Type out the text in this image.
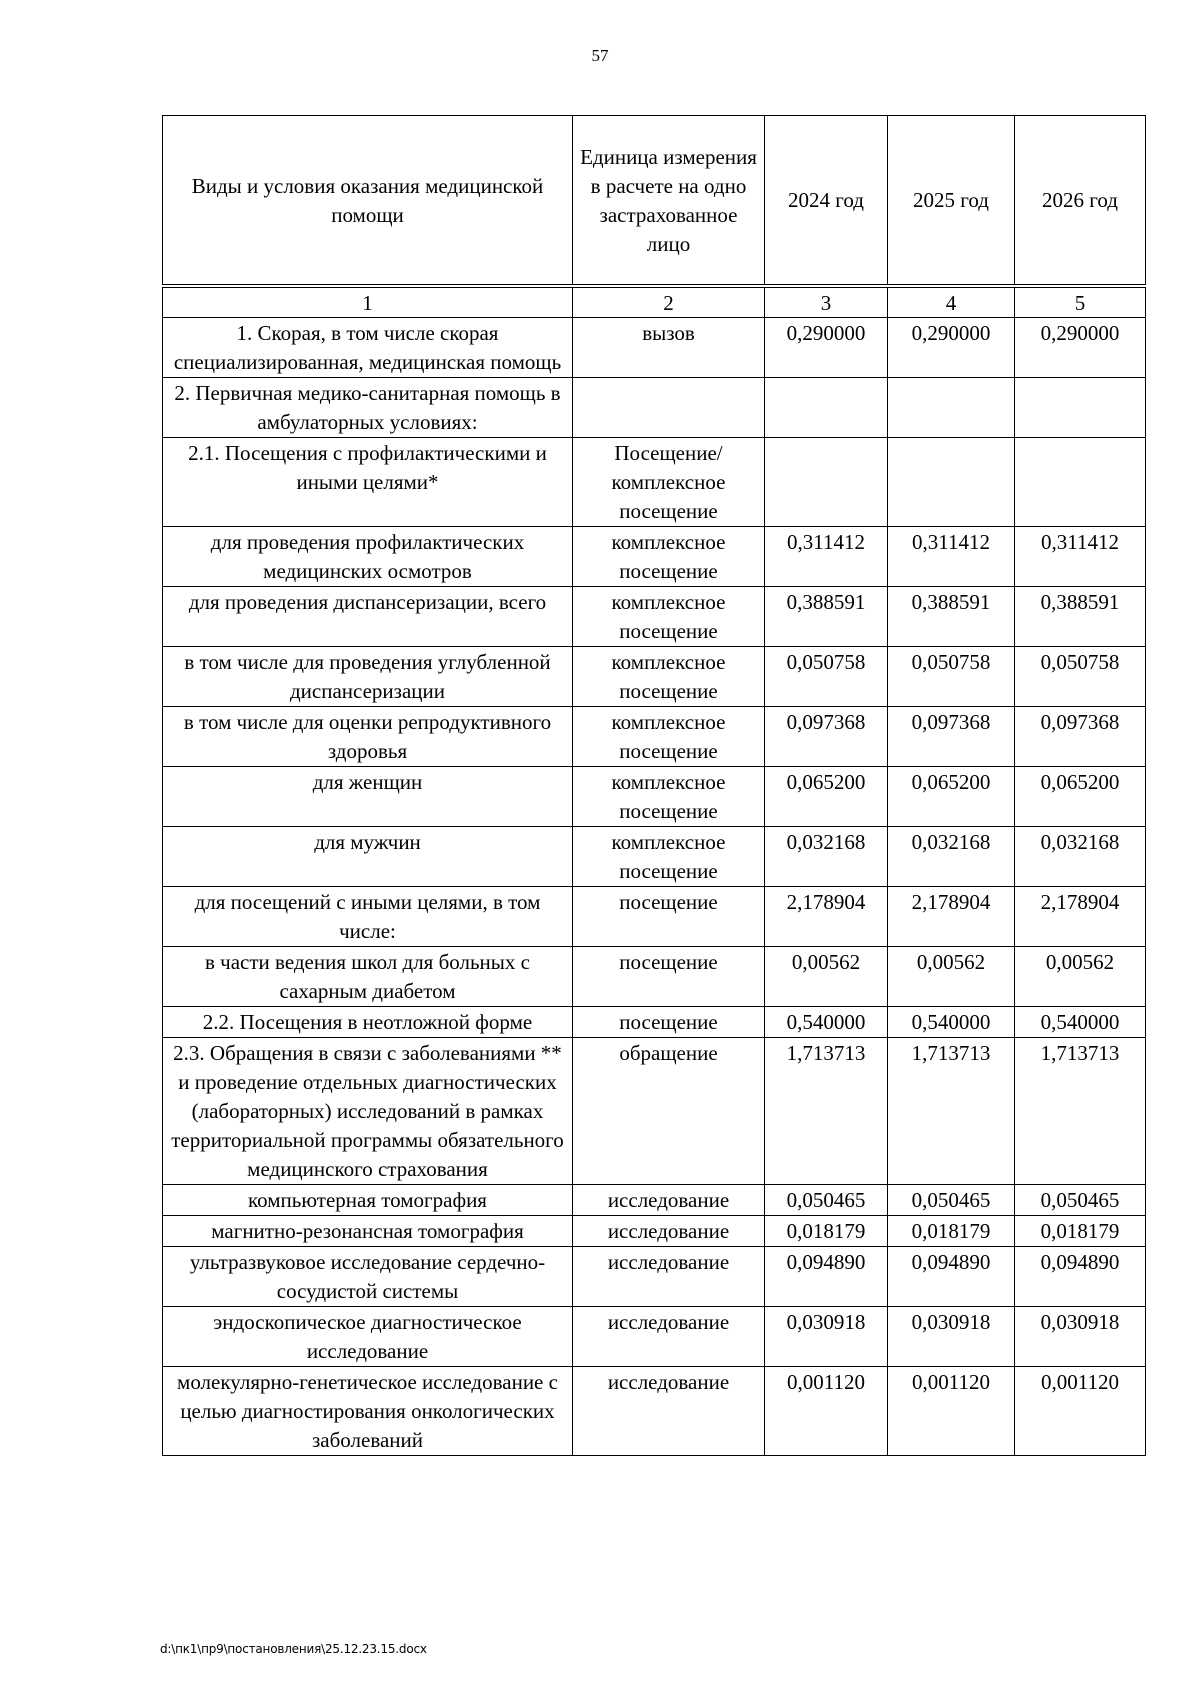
57
Виды и условия оказания медицинской помощи	Единица измерения в расчете на одно застрахованное лицо	2024 год	2025 год	2026 год
1	2	3	4	5
1. Скорая, в том числе скорая специализированная, медицинская помощь	вызов	0,290000	0,290000	0,290000
2. Первичная медико-санитарная помощь в амбулаторных условиях:				
2.1. Посещения с профилактическими и иными целями*	Посещение/ комплексное посещение			
для проведения профилактических медицинских осмотров	комплексное посещение	0,311412	0,311412	0,311412
для проведения диспансеризации, всего	комплексное посещение	0,388591	0,388591	0,388591
в том числе для проведения углубленной диспансеризации	комплексное посещение	0,050758	0,050758	0,050758
в том числе для оценки репродуктивного здоровья	комплексное посещение	0,097368	0,097368	0,097368
для женщин	комплексное посещение	0,065200	0,065200	0,065200
для мужчин	комплексное посещение	0,032168	0,032168	0,032168
для посещений с иными целями, в том числе:	посещение	2,178904	2,178904	2,178904
в части ведения школ для больных с сахарным диабетом	посещение	0,00562	0,00562	0,00562
2.2. Посещения в неотложной форме	посещение	0,540000	0,540000	0,540000
2.3. Обращения в связи с заболеваниями ** и проведение отдельных диагностических (лабораторных) исследований в рамках территориальной программы обязательного медицинского страхования	обращение	1,713713	1,713713	1,713713
компьютерная томография	исследование	0,050465	0,050465	0,050465
магнитно-резонансная томография	исследование	0,018179	0,018179	0,018179
ультразвуковое исследование сердечно-сосудистой системы	исследование	0,094890	0,094890	0,094890
эндоскопическое диагностическое исследование	исследование	0,030918	0,030918	0,030918
молекулярно-генетическое исследование с целью диагностирования онкологических заболеваний	исследование	0,001120	0,001120	0,001120
d:\пк1\пр9\постановления\25.12.23.15.docx
